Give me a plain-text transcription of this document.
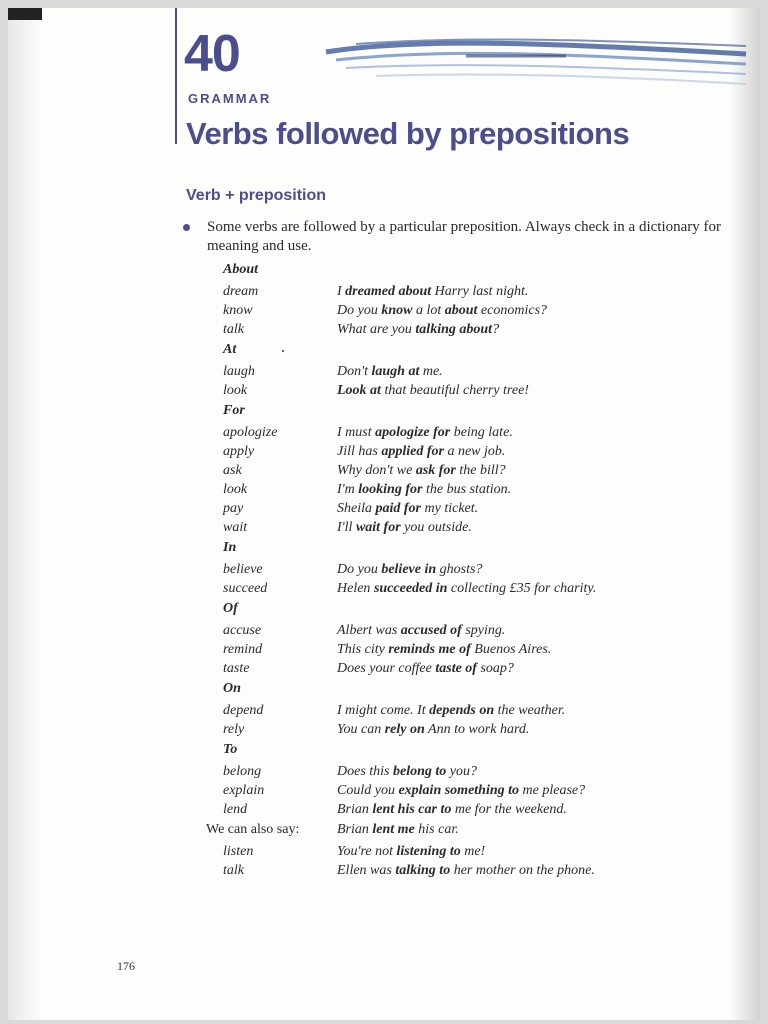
40
GRAMMAR
Verbs followed by prepositions
Verb + preposition
Some verbs are followed by a particular preposition. Always check in a dictionary for meaning and use.
About
dream	I dreamed about Harry last night.
know	Do you know a lot about economics?
talk	What are you talking about?
At
laugh	Don't laugh at me.
look	Look at that beautiful cherry tree!
For
apologize	I must apologize for being late.
apply	Jill has applied for a new job.
ask	Why don't we ask for the bill?
look	I'm looking for the bus station.
pay	Sheila paid for my ticket.
wait	I'll wait for you outside.
In
believe	Do you believe in ghosts?
succeed	Helen succeeded in collecting £35 for charity.
Of
accuse	Albert was accused of spying.
remind	This city reminds me of Buenos Aires.
taste	Does your coffee taste of soap?
On
depend	I might come. It depends on the weather.
rely	You can rely on Ann to work hard.
To
belong	Does this belong to you?
explain	Could you explain something to me please?
lend	Brian lent his car to me for the weekend.
We can also say:	Brian lent me his car.
listen	You're not listening to me!
talk	Ellen was talking to her mother on the phone.
176
